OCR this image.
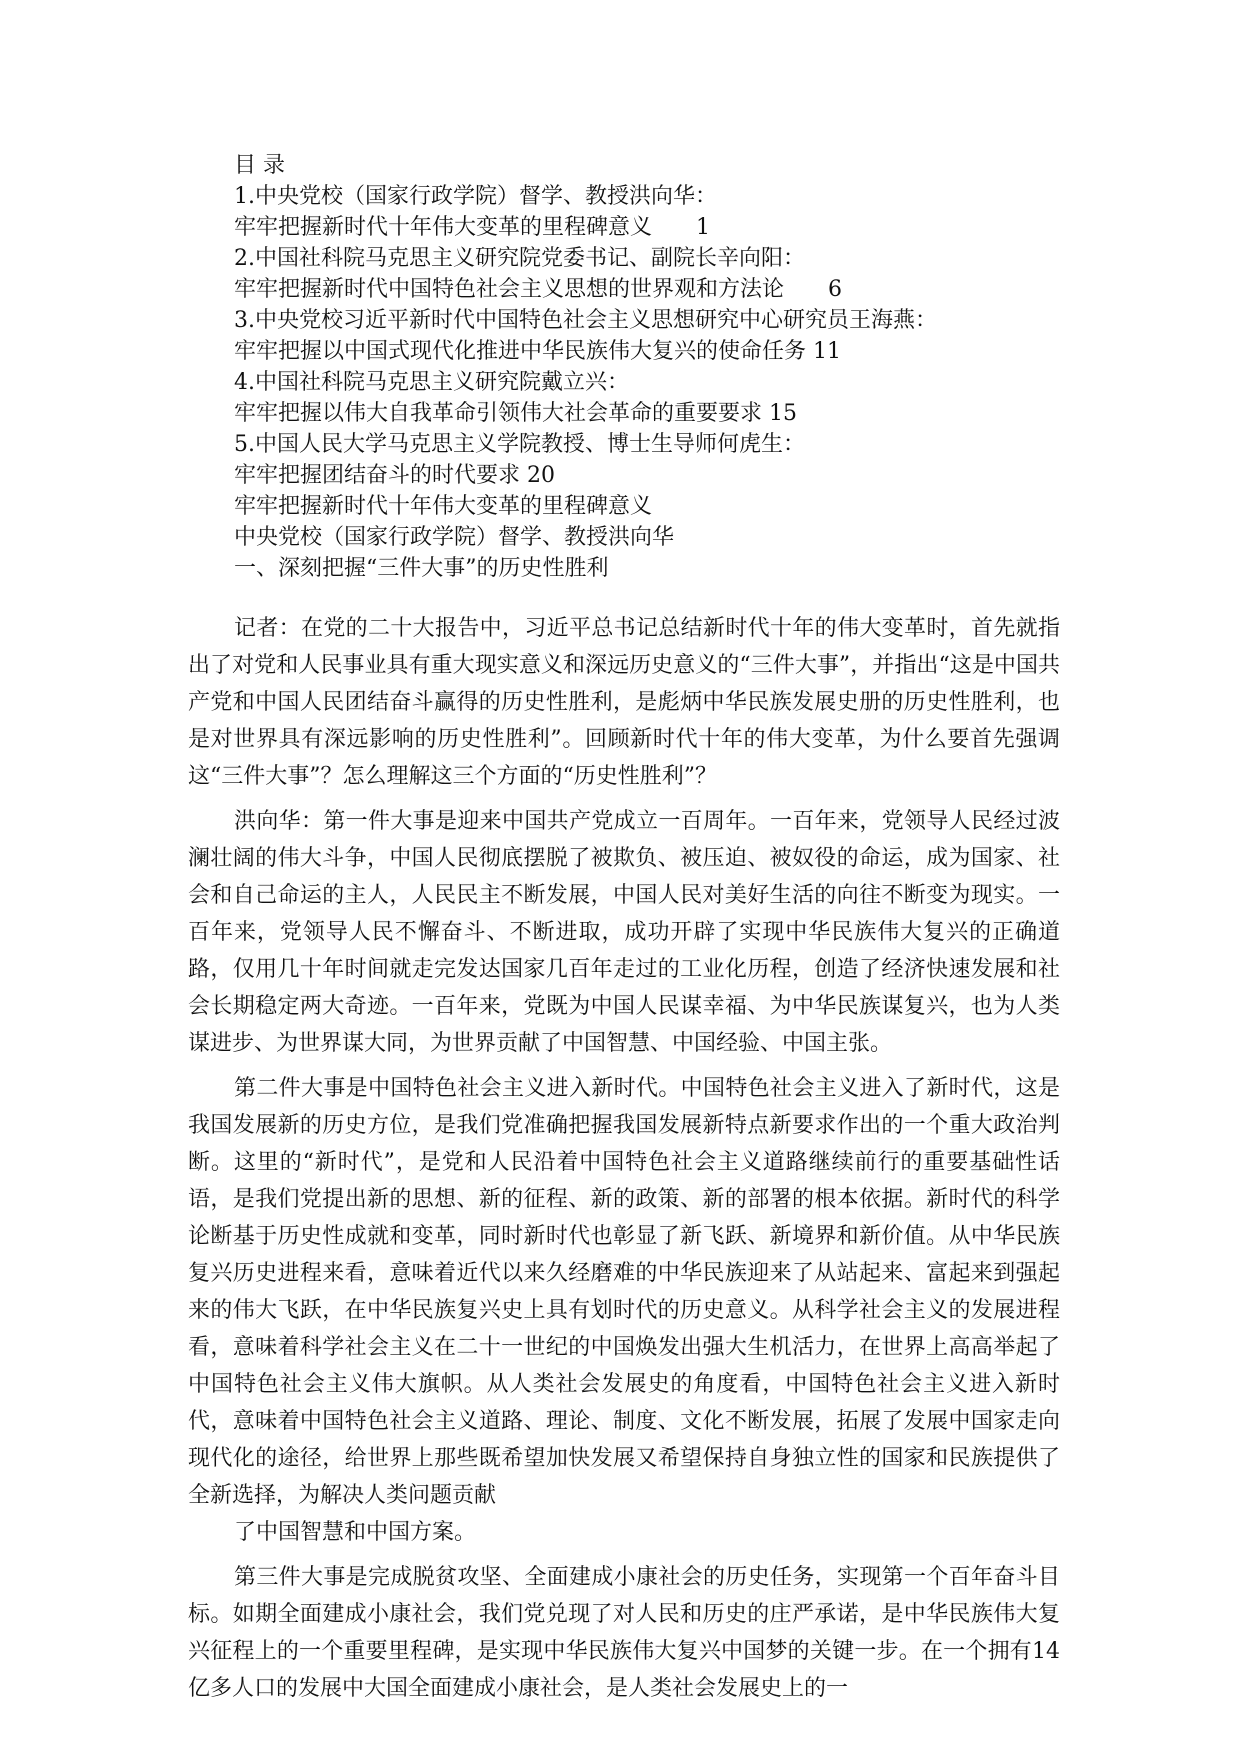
目 录
1.中央党校（国家行政学院）督学、教授洪向华：
牢牢把握新时代十年伟大变革的里程碑意义　　1
2.中国社科院马克思主义研究院党委书记、副院长辛向阳：
牢牢把握新时代中国特色社会主义思想的世界观和方法论　　6
3.中央党校习近平新时代中国特色社会主义思想研究中心研究员王海燕：
牢牢把握以中国式现代化推进中华民族伟大复兴的使命任务 11
4.中国社科院马克思主义研究院戴立兴：
牢牢把握以伟大自我革命引领伟大社会革命的重要要求 15
5.中国人民大学马克思主义学院教授、博士生导师何虎生：
牢牢把握团结奋斗的时代要求 20
牢牢把握新时代十年伟大变革的里程碑意义
中央党校（国家行政学院）督学、教授洪向华
一、深刻把握“三件大事”的历史性胜利

记者：在党的二十大报告中，习近平总书记总结新时代十年的伟大变革时，首先就指出了对党和人民事业具有重大现实意义和深远历史意义的“三件大事”，并指出“这是中国共产党和中国人民团结奋斗赢得的历史性胜利，是彪炳中华民族发展史册的历史性胜利，也是对世界具有深远影响的历史性胜利”。回顾新时代十年的伟大变革，为什么要首先强调这“三件大事”？怎么理解这三个方面的“历史性胜利”？

洪向华：第一件大事是迎来中国共产党成立一百周年。一百年来，党领导人民经过波澜壮阔的伟大斗争，中国人民彻底摆脱了被欺负、被压迫、被奴役的命运，成为国家、社会和自己命运的主人，人民民主不断发展，中国人民对美好生活的向往不断变为现实。一百年来，党领导人民不懈奋斗、不断进取，成功开辟了实现中华民族伟大复兴的正确道路，仅用几十年时间就走完发达国家几百年走过的工业化历程，创造了经济快速发展和社会长期稳定两大奇迹。一百年来，党既为中国人民谋幸福、为中华民族谋复兴，也为人类谋进步、为世界谋大同，为世界贡献了中国智慧、中国经验、中国主张。

第二件大事是中国特色社会主义进入新时代。中国特色社会主义进入了新时代，这是我国发展新的历史方位，是我们党准确把握我国发展新特点新要求作出的一个重大政治判断。这里的“新时代”，是党和人民沿着中国特色社会主义道路继续前行的重要基础性话语，是我们党提出新的思想、新的征程、新的政策、新的部署的根本依据。新时代的科学论断基于历史性成就和变革，同时新时代也彰显了新飞跃、新境界和新价值。从中华民族复兴历史进程来看，意味着近代以来久经磨难的中华民族迎来了从站起来、富起来到强起来的伟大飞跃，在中华民族复兴史上具有划时代的历史意义。从科学社会主义的发展进程看，意味着科学社会主义在二十一世纪的中国焕发出强大生机活力，在世界上高高举起了中国特色社会主义伟大旗帜。从人类社会发展史的角度看，中国特色社会主义进入新时代，意味着中国特色社会主义道路、理论、制度、文化不断发展，拓展了发展中国家走向现代化的途径，给世界上那些既希望加快发展又希望保持自身独立性的国家和民族提供了全新选择，为解决人类问题贡献

了中国智慧和中国方案。

第三件大事是完成脱贫攻坚、全面建成小康社会的历史任务，实现第一个百年奋斗目标。如期全面建成小康社会，我们党兑现了对人民和历史的庄严承诺，是中华民族伟大复兴征程上的一个重要里程碑，是实现中华民族伟大复兴中国梦的关键一步。在一个拥有14亿多人口的发展中大国全面建成小康社会，是人类社会发展史上的一
